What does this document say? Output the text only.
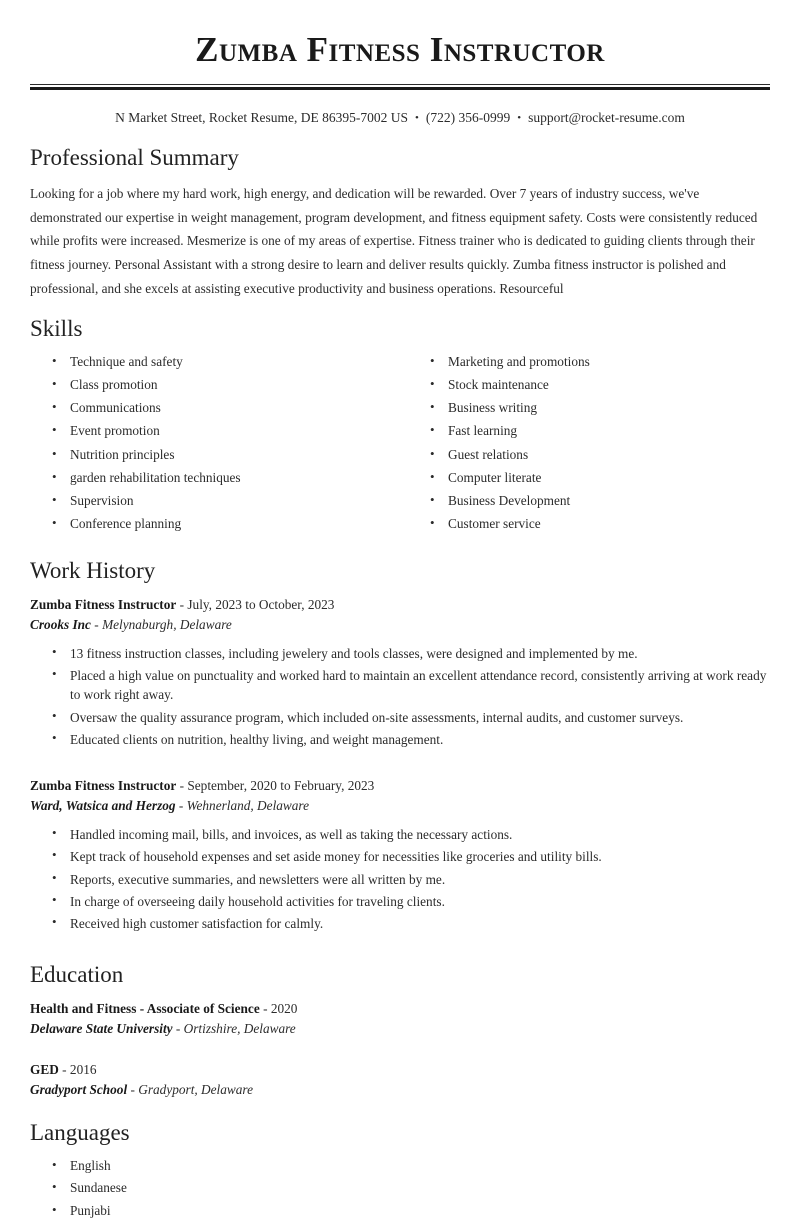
Zumba Fitness Instructor
N Market Street, Rocket Resume, DE 86395-7002 US • (722) 356-0999 • support@rocket-resume.com
Professional Summary

Looking for a job where my hard work, high energy, and dedication will be rewarded. Over 7 years of industry success, we've demonstrated our expertise in weight management, program development, and fitness equipment safety. Costs were consistently reduced while profits were increased. Mesmerize is one of my areas of expertise. Fitness trainer who is dedicated to guiding clients through their fitness journey. Personal Assistant with a strong desire to learn and deliver results quickly. Zumba fitness instructor is polished and professional, and she excels at assisting executive productivity and business operations. Resourceful

Skills
• Technique and safety
• Class promotion
• Communications
• Event promotion
• Nutrition principles
• garden rehabilitation techniques
• Supervision
• Conference planning
• Marketing and promotions
• Stock maintenance
• Business writing
• Fast learning
• Guest relations
• Computer literate
• Business Development
• Customer service
Work History
Zumba Fitness Instructor - July, 2023 to October, 2023
Crooks Inc - Melynaburgh, Delaware
• 13 fitness instruction classes, including jewelery and tools classes, were designed and implemented by me.
• Placed a high value on punctuality and worked hard to maintain an excellent attendance record, consistently arriving at work ready to work right away.
• Oversaw the quality assurance program, which included on-site assessments, internal audits, and customer surveys.
• Educated clients on nutrition, healthy living, and weight management.
Zumba Fitness Instructor - September, 2020 to February, 2023
Ward, Watsica and Herzog - Wehnerland, Delaware
• Handled incoming mail, bills, and invoices, as well as taking the necessary actions.
• Kept track of household expenses and set aside money for necessities like groceries and utility bills.
• Reports, executive summaries, and newsletters were all written by me.
• In charge of overseeing daily household activities for traveling clients.
• Received high customer satisfaction for calmly.
Education
Health and Fitness - Associate of Science - 2020
Delaware State University - Ortizshire, Delaware
GED - 2016
Gradyport School - Gradyport, Delaware
Languages
• English
• Sundanese
• Punjabi
